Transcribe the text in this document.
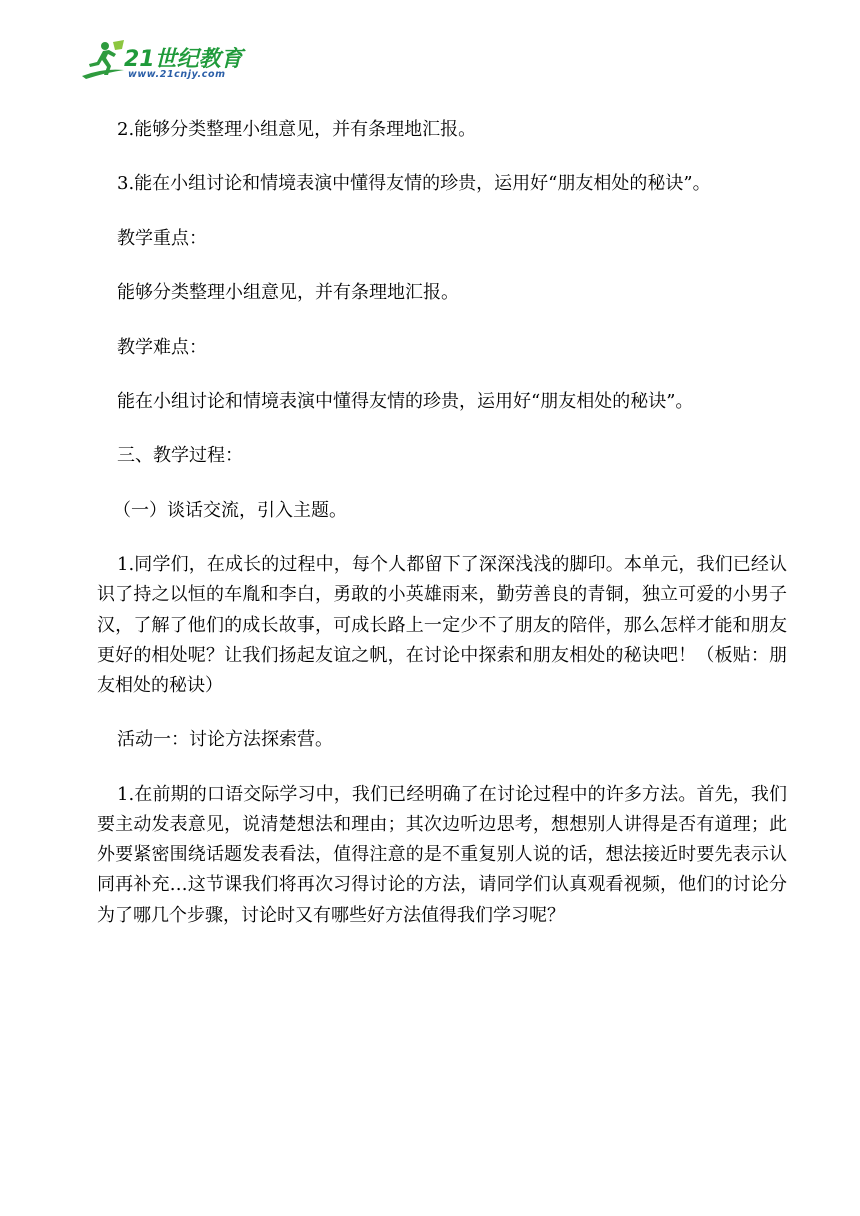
21世纪教育
www.21cnjy.com

2.能够分类整理小组意见，并有条理地汇报。

3.能在小组讨论和情境表演中懂得友情的珍贵，运用好“朋友相处的秘诀”。

教学重点：

能够分类整理小组意见，并有条理地汇报。

教学难点：

能在小组讨论和情境表演中懂得友情的珍贵，运用好“朋友相处的秘诀”。

三、教学过程：

（一）谈话交流，引入主题。

1.同学们，在成长的过程中，每个人都留下了深深浅浅的脚印。本单元，我们已经认识了持之以恒的车胤和李白，勇敢的小英雄雨来，勤劳善良的青铜，独立可爱的小男子汉，了解了他们的成长故事，可成长路上一定少不了朋友的陪伴，那么怎样才能和朋友更好的相处呢？让我们扬起友谊之帆，在讨论中探索和朋友相处的秘诀吧！（板贴：朋友相处的秘诀）

活动一：讨论方法探索营。

1.在前期的口语交际学习中，我们已经明确了在讨论过程中的许多方法。首先，我们要主动发表意见，说清楚想法和理由；其次边听边思考，想想别人讲得是否有道理；此外要紧密围绕话题发表看法，值得注意的是不重复别人说的话，想法接近时要先表示认同再补充…这节课我们将再次习得讨论的方法，请同学们认真观看视频，他们的讨论分为了哪几个步骤，讨论时又有哪些好方法值得我们学习呢？
